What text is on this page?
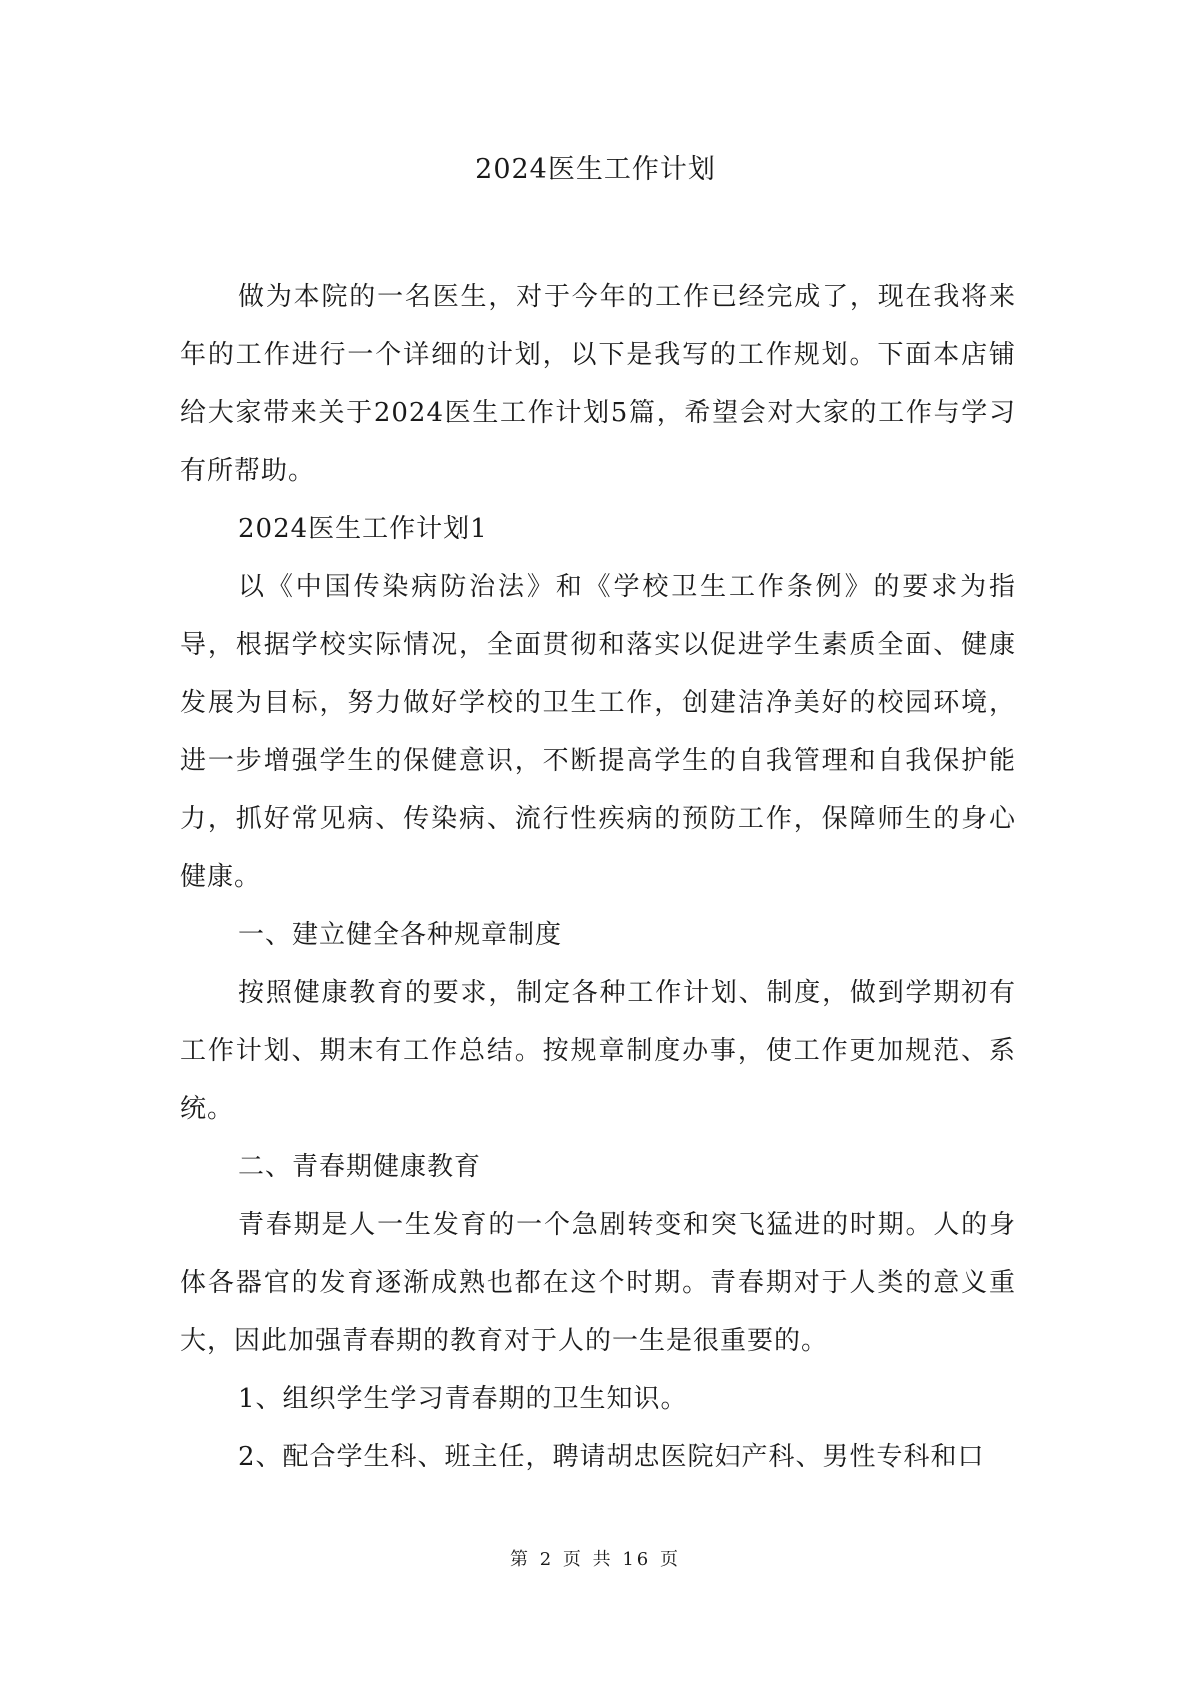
2024医生工作计划

做为本院的一名医生，对于今年的工作已经完成了，现在我将来年的工作进行一个详细的计划，以下是我写的工作规划。下面本店铺给大家带来关于2024医生工作计划5篇，希望会对大家的工作与学习有所帮助。

2024医生工作计划1

以《中国传染病防治法》和《学校卫生工作条例》的要求为指导，根据学校实际情况，全面贯彻和落实以促进学生素质全面、健康发展为目标，努力做好学校的卫生工作，创建洁净美好的校园环境，进一步增强学生的保健意识，不断提高学生的自我管理和自我保护能力，抓好常见病、传染病、流行性疾病的预防工作，保障师生的身心健康。

一、建立健全各种规章制度

按照健康教育的要求，制定各种工作计划、制度，做到学期初有工作计划、期末有工作总结。按规章制度办事，使工作更加规范、系统。

二、青春期健康教育

青春期是人一生发育的一个急剧转变和突飞猛进的时期。人的身体各器官的发育逐渐成熟也都在这个时期。青春期对于人类的意义重大，因此加强青春期的教育对于人的一生是很重要的。

1、组织学生学习青春期的卫生知识。

2、配合学生科、班主任，聘请胡忠医院妇产科、男性专科和口

第 2 页 共 16 页
